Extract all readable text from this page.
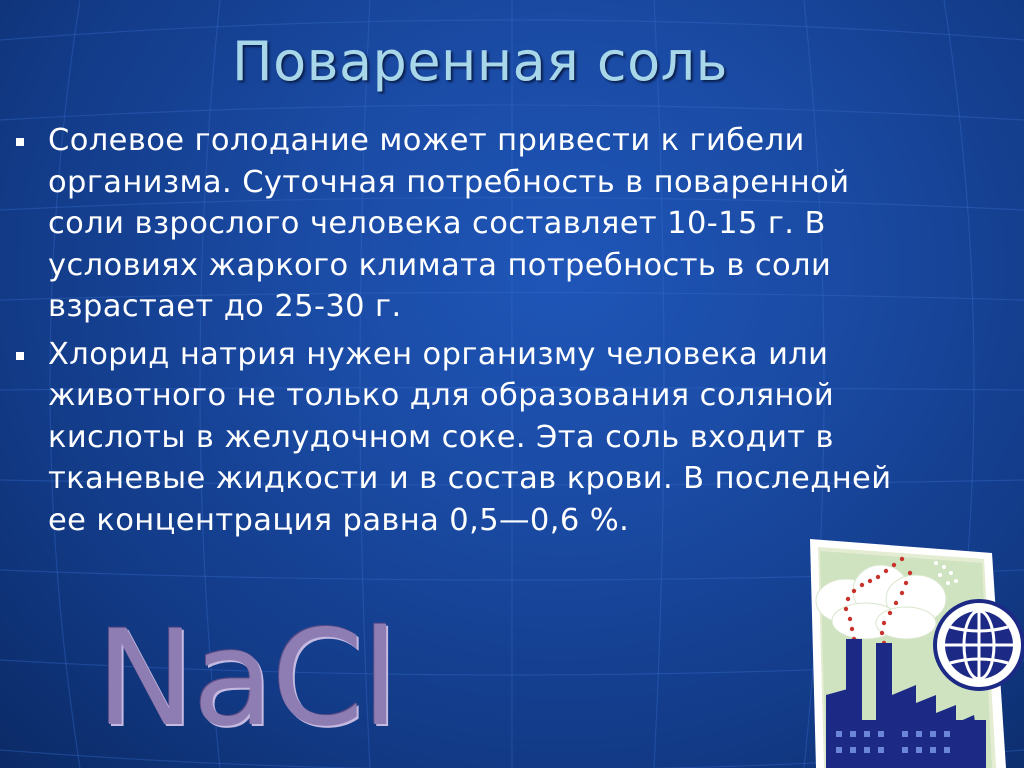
Поваренная соль
Солевое голодание может привести к гибели организма. Суточная потребность в поваренной соли взрослого человека составляет 10-15 г. В условиях жаркого климата потребность в соли взрастает до 25-30 г.
Хлорид натрия нужен организму человека или животного не только для образования соляной кислоты в желудочном соке. Эта соль входит в тканевые жидкости и в состав крови. В последней ее концентрация равна 0,5—0,6 %.
NaCl
